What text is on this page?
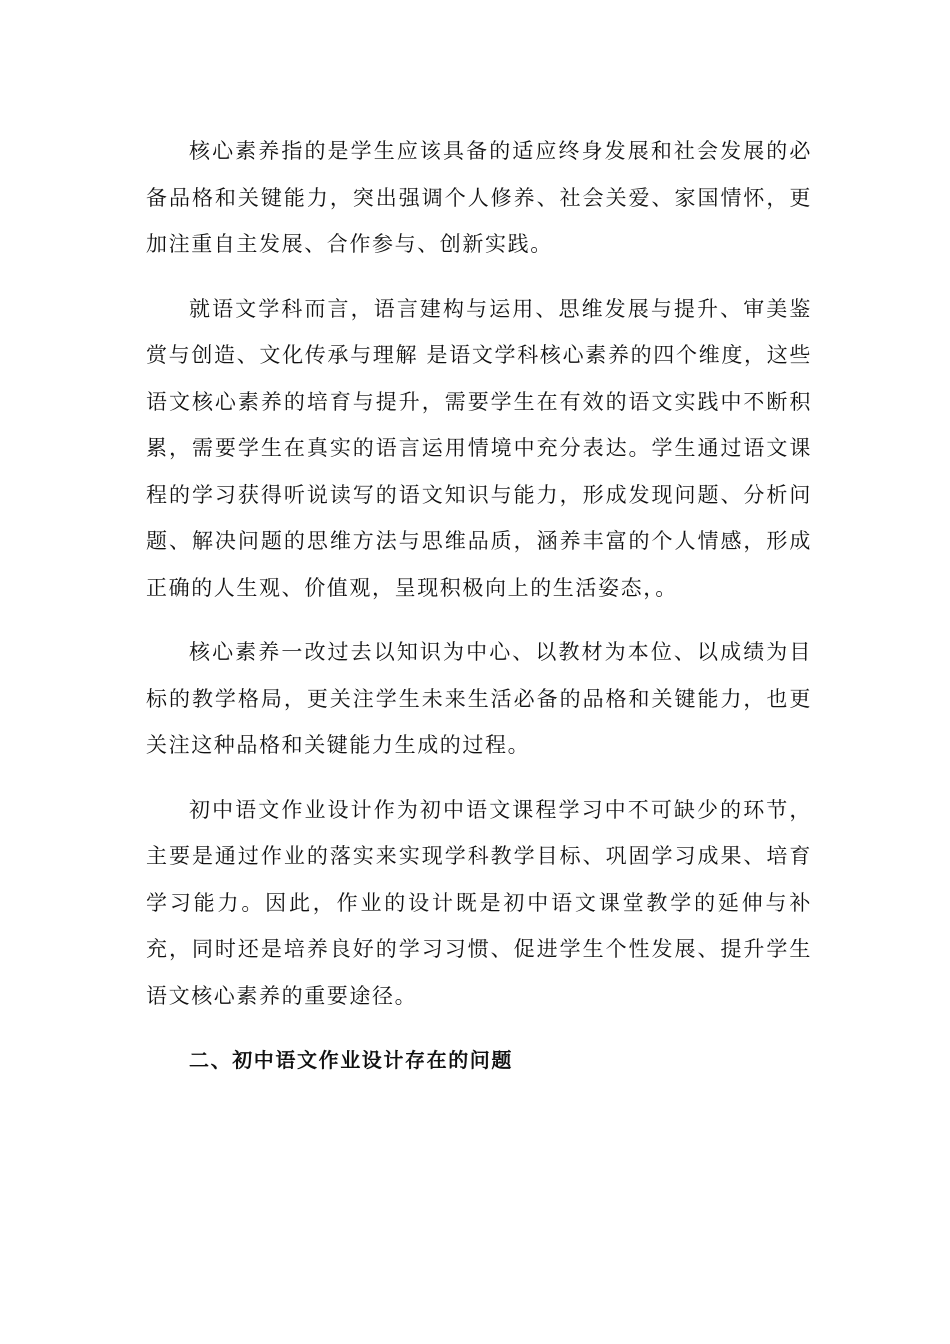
核心素养指的是学生应该具备的适应终身发展和社会发展的必备品格和关键能力，突出强调个人修养、社会关爱、家国情怀，更加注重自主发展、合作参与、创新实践。

就语文学科而言，语言建构与运用、思维发展与提升、审美鉴赏与创造、文化传承与理解 是语文学科核心素养的四个维度，这些语文核心素养的培育与提升，需要学生在有效的语文实践中不断积累，需要学生在真实的语言运用情境中充分表达。学生通过语文课程的学习获得听说读写的语文知识与能力，形成发现问题、分析问题、解决问题的思维方法与思维品质，涵养丰富的个人情感，形成正确的人生观、价值观，呈现积极向上的生活姿态，。

核心素养一改过去以知识为中心、以教材为本位、以成绩为目标的教学格局，更关注学生未来生活必备的品格和关键能力，也更关注这种品格和关键能力生成的过程。

初中语文作业设计作为初中语文课程学习中不可缺少的环节，主要是通过作业的落实来实现学科教学目标、巩固学习成果、培育学习能力。因此，作业的设计既是初中语文课堂教学的延伸与补充，同时还是培养良好的学习习惯、促进学生个性发展、提升学生语文核心素养的重要途径。

二、初中语文作业设计存在的问题
